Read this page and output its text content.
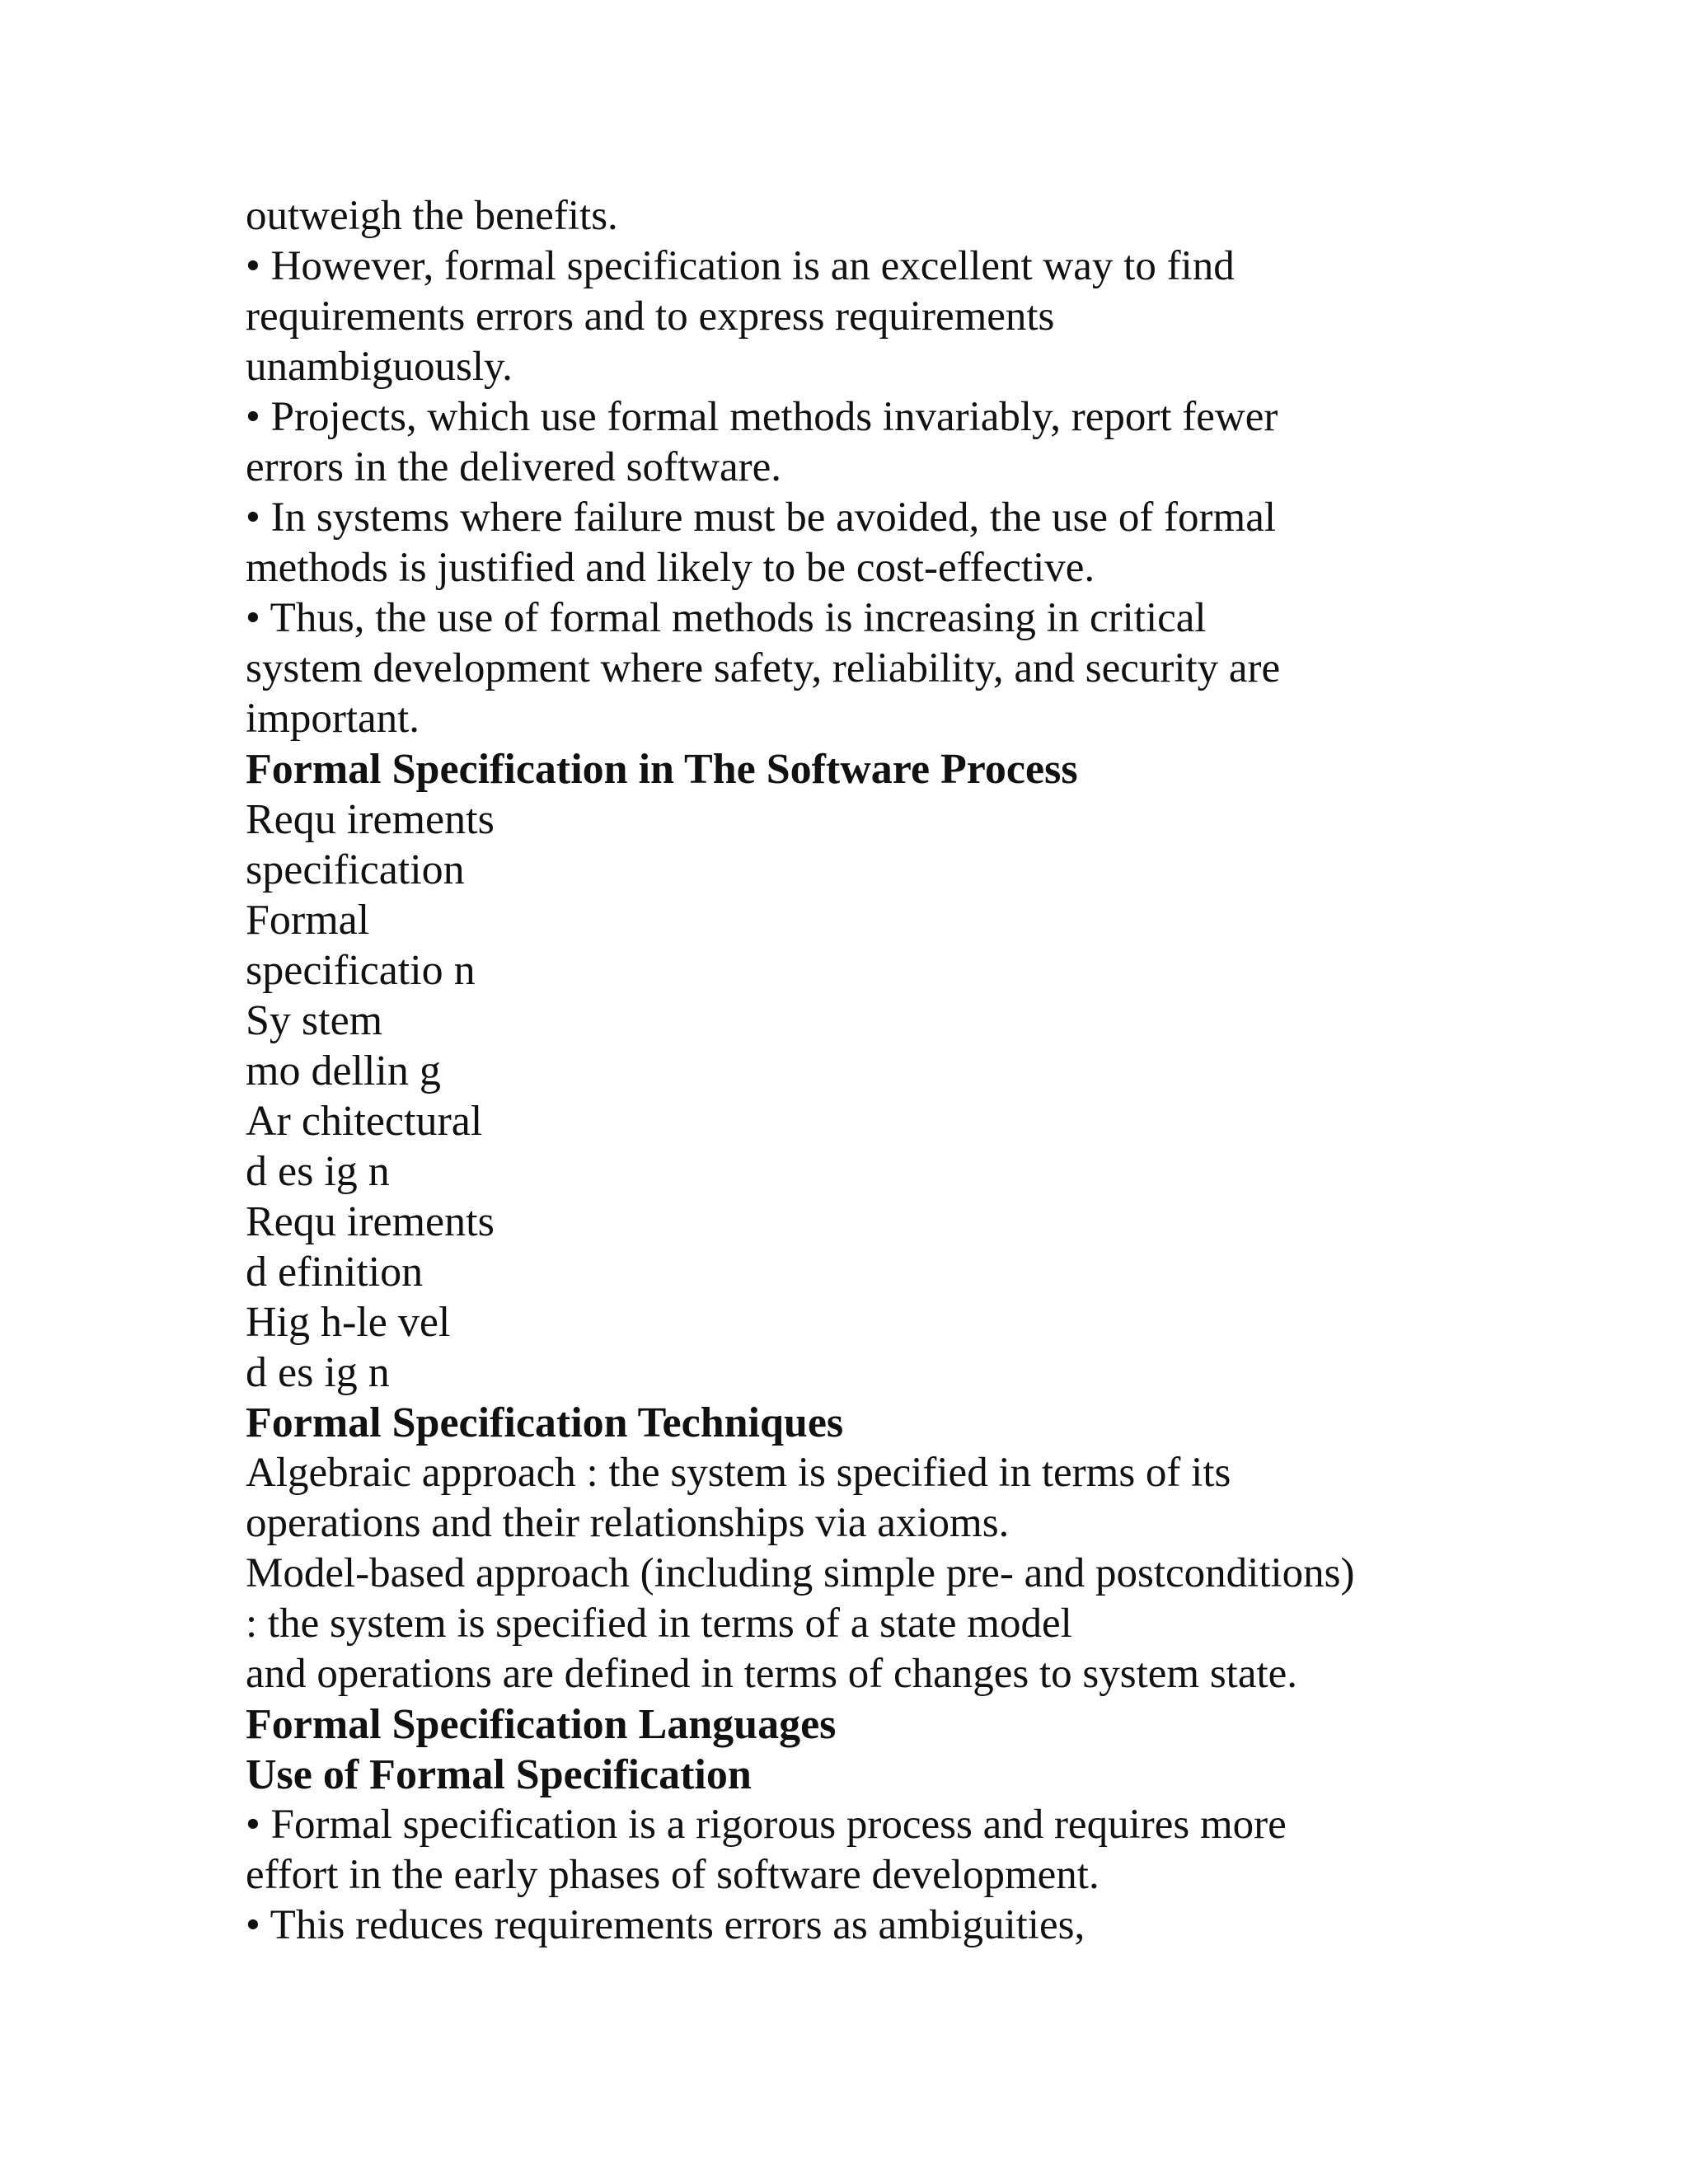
outweigh the benefits.

• However, formal specification is an excellent way to find

requirements errors and to express requirements

unambiguously.

• Projects, which use formal methods invariably, report fewer

errors in the delivered software.

• In systems where failure must be avoided, the use of formal

methods is justified and likely to be cost-effective.

• Thus, the use of formal methods is increasing in critical

system development where safety, reliability, and security are

important.

Formal Specification in The Software Process

Requ irements

specification

Formal

specificatio n

Sy stem

mo dellin g

Ar chitectural

d es ig n

Requ irements

d efinition

Hig h-le vel

d es ig n

Formal Specification Techniques

Algebraic approach : the system is specified in terms of its

operations and their relationships via axioms.

Model-based approach (including simple pre- and postconditions)

: the system is specified in terms of a state model

and operations are defined in terms of changes to system state.

Formal Specification Languages
Use of Formal Specification

• Formal specification is a rigorous process and requires more

effort in the early phases of software development.

• This reduces requirements errors as ambiguities,
